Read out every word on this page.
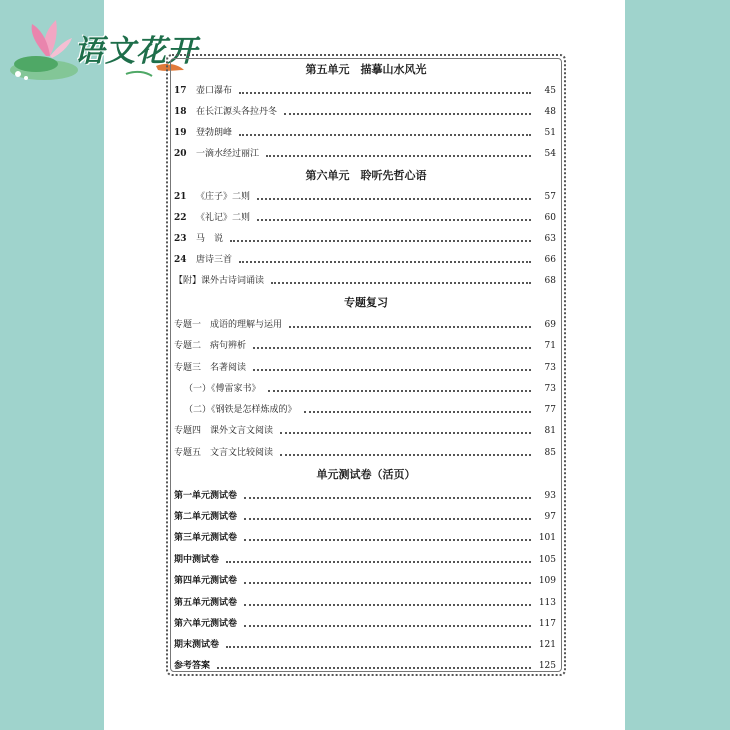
语文花开
第五单元　描摹山水风光
17	壶口瀑布	45
18	在长江源头各拉丹冬	48
19	登勃朗峰	51
20	一滴水经过丽江	54
第六单元　聆听先哲心语
21	《庄子》二则	57
22	《礼记》二则	60
23	马　说	63
24	唐诗三首	66
【附】课外古诗词诵读	68
专题复习
专题一　成语的理解与运用	69
专题二　病句辨析	71
专题三　名著阅读	73
（一）《傅雷家书》	73
（二）《钢铁是怎样炼成的》	77
专题四　课外文言文阅读	81
专题五　文言文比较阅读	85
单元测试卷（活页）
第一单元测试卷	93
第二单元测试卷	97
第三单元测试卷	101
期中测试卷	105
第四单元测试卷	109
第五单元测试卷	113
第六单元测试卷	117
期末测试卷	121
参考答案	125
